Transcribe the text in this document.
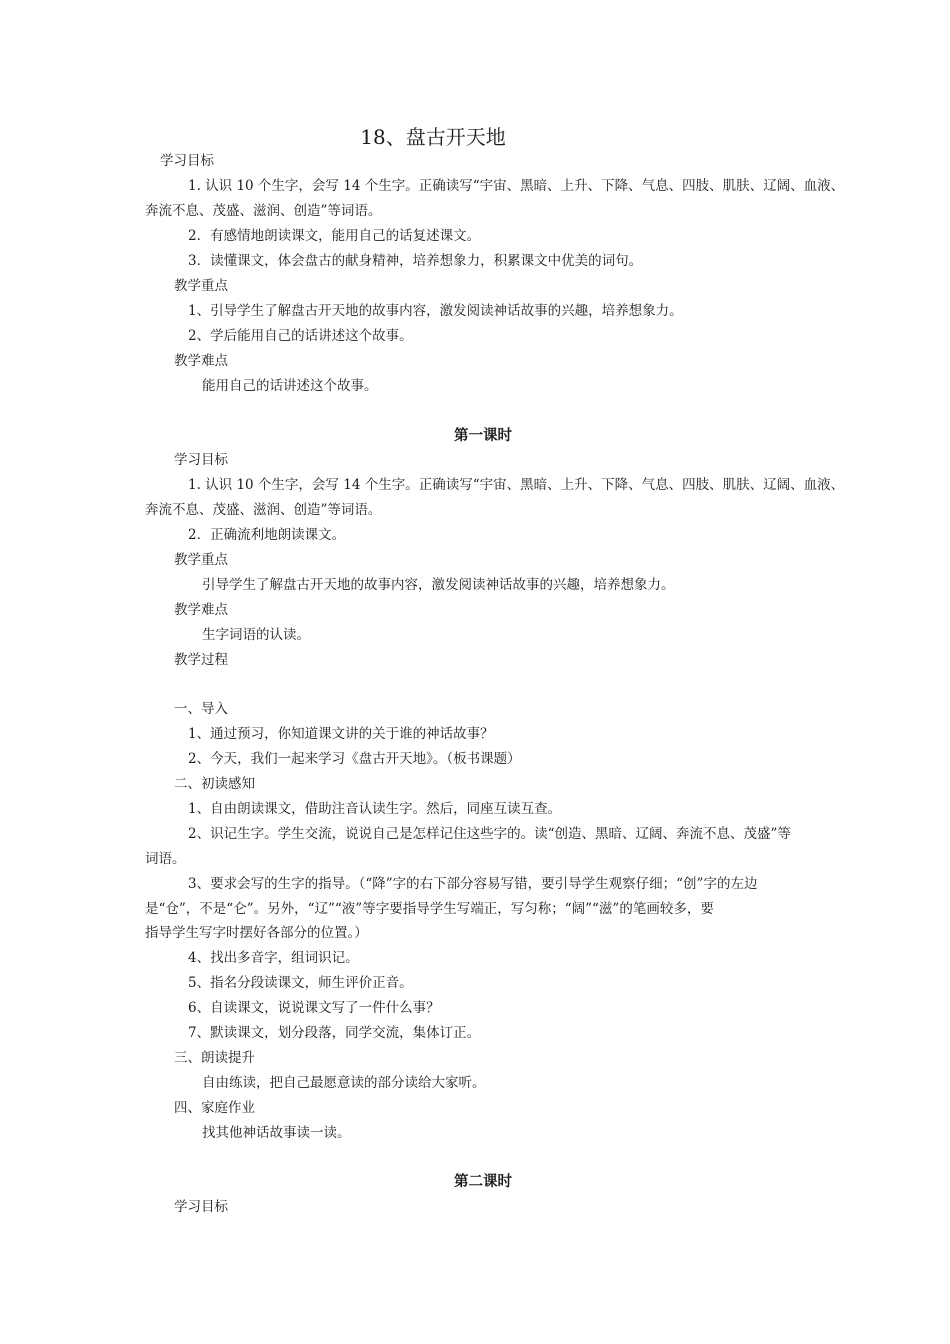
18、盘古开天地
学习目标
1. 认识 10 个生字，会写 14 个生字。正确读写“宇宙、黑暗、上升、下降、气息、四肢、肌肤、辽阔、血液、
奔流不息、茂盛、滋润、创造”等词语。
2．有感情地朗读课文，能用自己的话复述课文。
3．读懂课文，体会盘古的献身精神，培养想象力，积累课文中优美的词句。
教学重点
1、引导学生了解盘古开天地的故事内容，激发阅读神话故事的兴趣，培养想象力。
2、学后能用自己的话讲述这个故事。
教学难点
能用自己的话讲述这个故事。
第一课时
学习目标
1. 认识 10 个生字，会写 14 个生字。正确读写“宇宙、黑暗、上升、下降、气息、四肢、肌肤、辽阔、血液、
奔流不息、茂盛、滋润、创造”等词语。
2．正确流利地朗读课文。
教学重点
引导学生了解盘古开天地的故事内容，激发阅读神话故事的兴趣，培养想象力。
教学难点
生字词语的认读。
教学过程
一、导入
1、通过预习，你知道课文讲的关于谁的神话故事？
2、今天，我们一起来学习《盘古开天地》。（板书课题）
二、初读感知
1、自由朗读课文，借助注音认读生字。然后，同座互读互查。
2、识记生字。学生交流，说说自己是怎样记住这些字的。读“创造、黑暗、辽阔、奔流不息、茂盛”等
词语。
3、要求会写的生字的指导。（“降”字的右下部分容易写错，要引导学生观察仔细；“创”字的左边
是“仓”，不是“仑”。另外，“辽”“液”等字要指导学生写端正，写匀称；“阔”“滋”的笔画较多，要
指导学生写字时摆好各部分的位置。）
4、找出多音字，组词识记。
5、指名分段读课文，师生评价正音。
6、自读课文，说说课文写了一件什么事？
7、默读课文，划分段落，同学交流，集体订正。
三、朗读提升
自由练读，把自己最愿意读的部分读给大家听。
四、家庭作业
找其他神话故事读一读。
第二课时
学习目标
